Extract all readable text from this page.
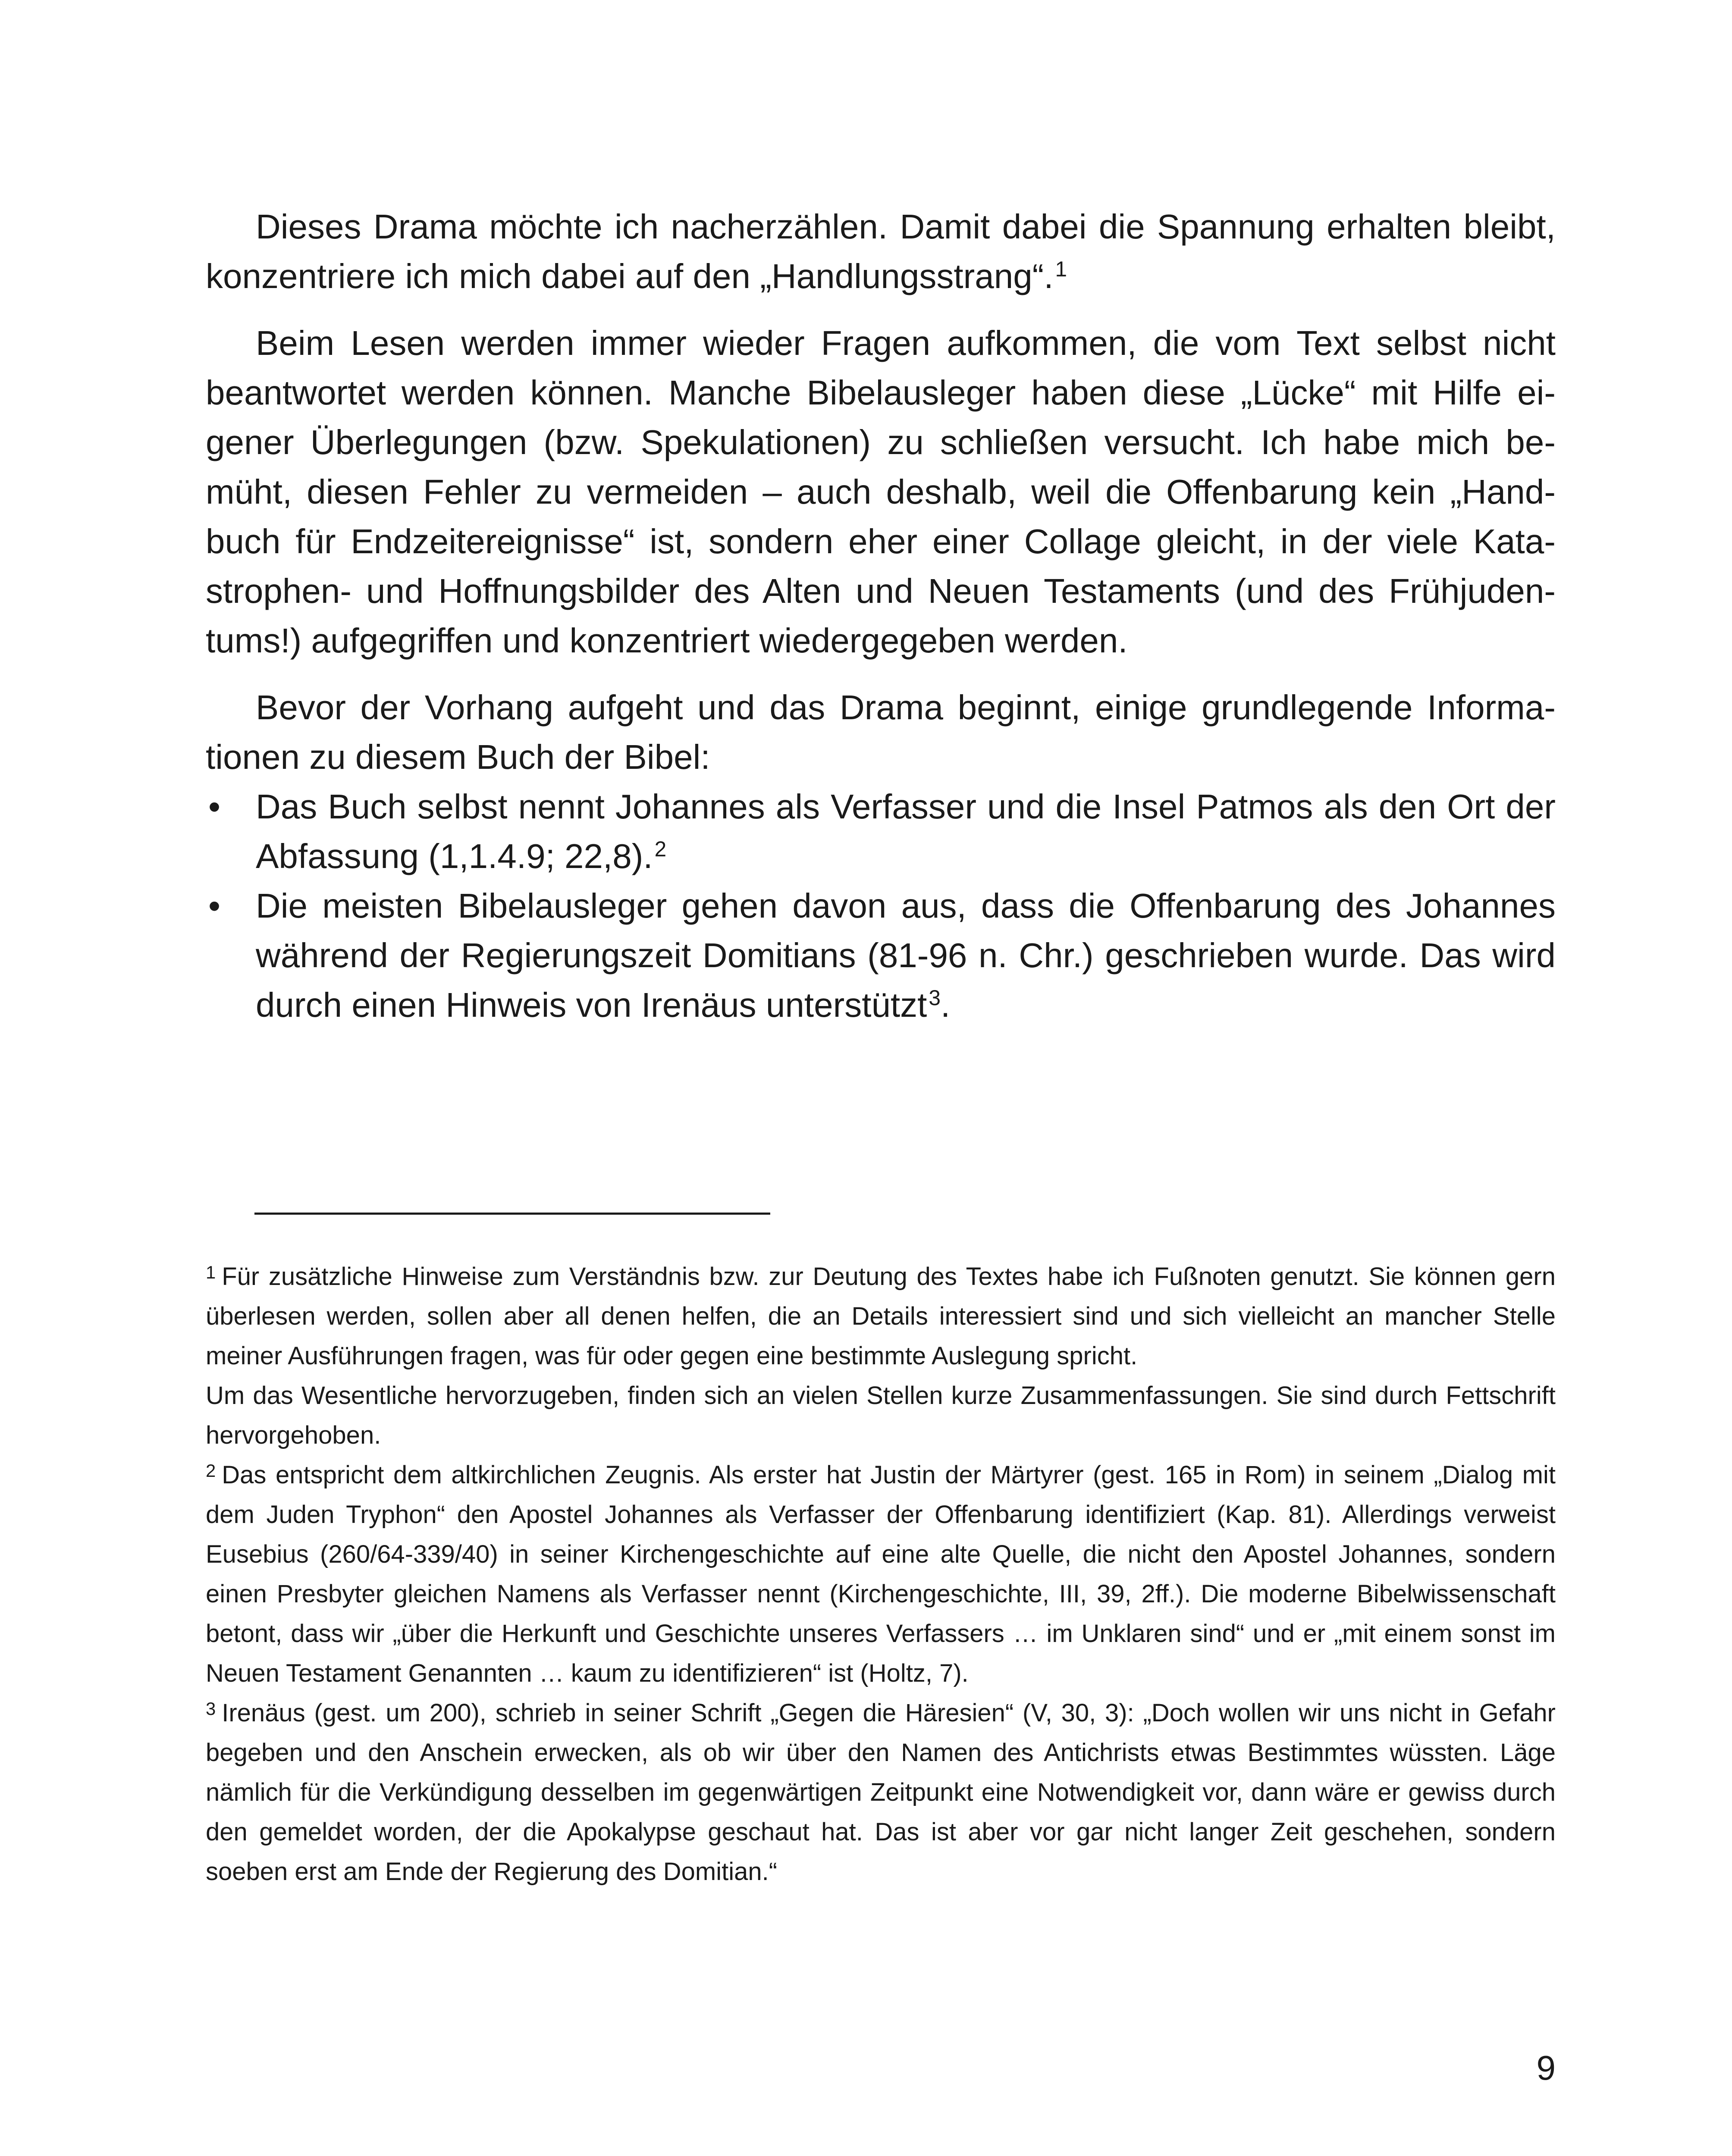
Dieses Drama möchte ich nacherzählen. Damit dabei die Spannung erhalten bleibt, konzentriere ich mich dabei auf den „Handlungsstrang“.$^1$

Beim Lesen werden immer wieder Fragen aufkommen, die vom Text selbst nicht beantwortet werden können. Manche Bibelausleger haben diese „Lücke“ mit Hilfe eigener Überlegungen (bzw. Spekulationen) zu schließen versucht. Ich habe mich bemüht, diesen Fehler zu vermeiden – auch deshalb, weil die Offenbarung kein „Handbuch für Endzeitereignisse“ ist, sondern eher einer Collage gleicht, in der viele Katastrophen- und Hoffnungsbilder des Alten und Neuen Testaments (und des Frühjudentums!) aufgegriffen und konzentriert wiedergegeben werden.

Bevor der Vorhang aufgeht und das Drama beginnt, einige grundlegende Informationen zu diesem Buch der Bibel:

•	Das Buch selbst nennt Johannes als Verfasser und die Insel Patmos als den Ort der Abfassung (1,1.4.9; 22,8).$^2$
•	Die meisten Bibelausleger gehen davon aus, dass die Offenbarung des Johannes während der Regierungszeit Domitians (81-96 n. Chr.) geschrieben wurde. Das wird durch einen Hinweis von Irenäus unterstützt$^3$.

$^1$ Für zusätzliche Hinweise zum Verständnis bzw. zur Deutung des Textes habe ich Fußnoten genutzt. Sie können gern überlesen werden, sollen aber all denen helfen, die an Details interessiert sind und sich vielleicht an mancher Stelle meiner Ausführungen fragen, was für oder gegen eine bestimmte Auslegung spricht.

Um das Wesentliche hervorzugeben, finden sich an vielen Stellen kurze Zusammenfassungen. Sie sind durch Fettschrift hervorgehoben.

$^2$ Das entspricht dem altkirchlichen Zeugnis. Als erster hat Justin der Märtyrer (gest. 165 in Rom) in seinem „Dialog mit dem Juden Tryphon“ den Apostel Johannes als Verfasser der Offenbarung identifiziert (Kap. 81). Allerdings verweist Eusebius (260/64-339/40) in seiner Kirchengeschichte auf eine alte Quelle, die nicht den Apostel Johannes, sondern einen Presbyter gleichen Namens als Verfasser nennt (Kirchengeschichte, III, 39, 2ff.). Die moderne Bibelwissenschaft betont, dass wir „über die Herkunft und Geschichte unseres Verfassers … im Unklaren sind“ und er „mit einem sonst im Neuen Testament Genannten … kaum zu identifizieren“ ist (Holtz, 7).

$^3$ Irenäus (gest. um 200), schrieb in seiner Schrift „Gegen die Häresien“ (V, 30, 3): „Doch wollen wir uns nicht in Gefahr begeben und den Anschein erwecken, als ob wir über den Namen des Antichrists etwas Bestimmtes wüssten. Läge nämlich für die Verkündigung desselben im gegenwärtigen Zeitpunkt eine Notwendigkeit vor, dann wäre er gewiss durch den gemeldet worden, der die Apokalypse geschaut hat. Das ist aber vor gar nicht langer Zeit geschehen, sondern soeben erst am Ende der Regierung des Domitian.“

9
